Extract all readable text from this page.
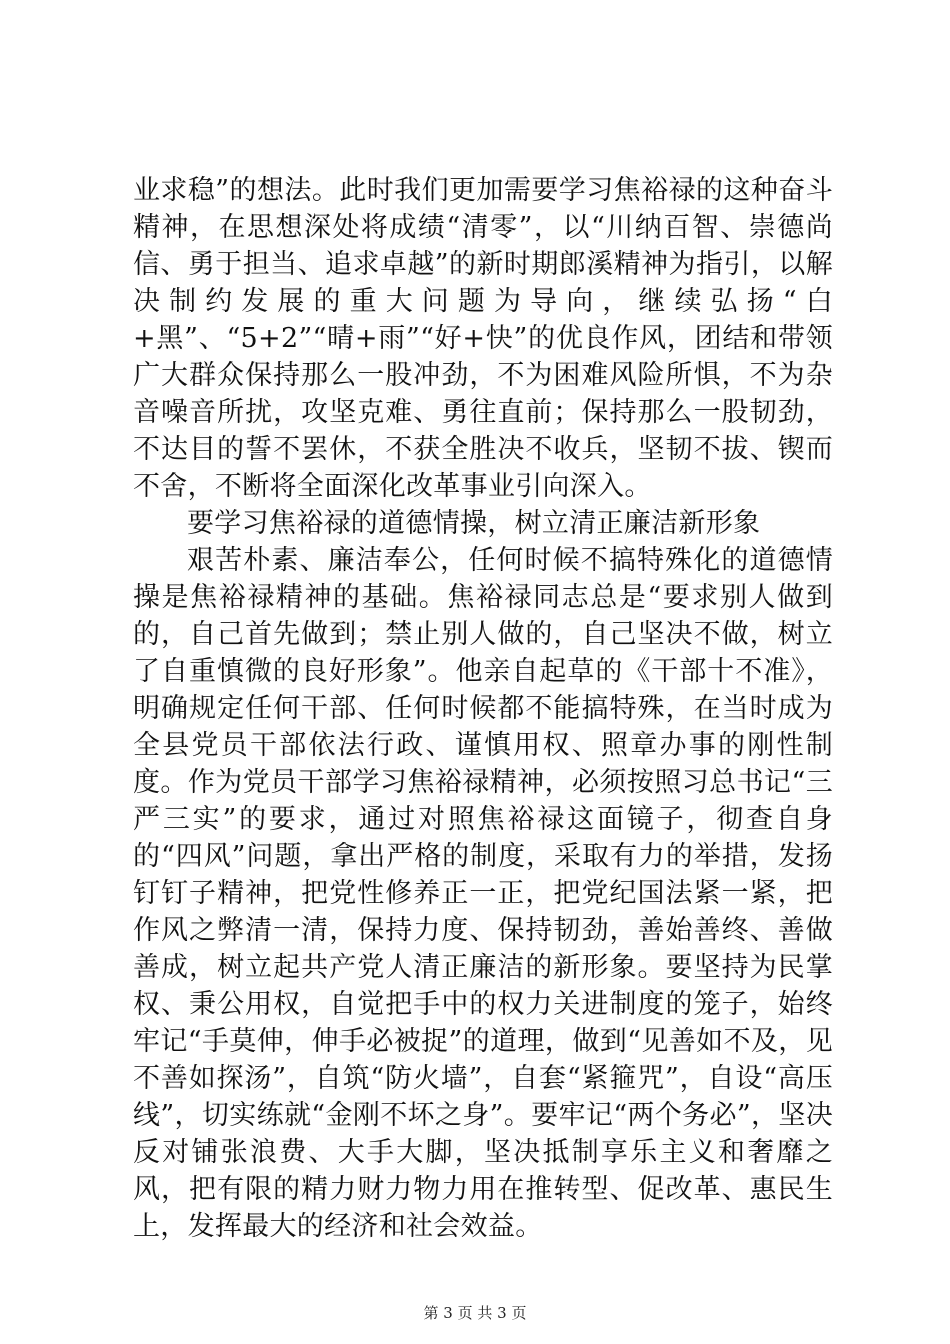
业求稳”的想法。此时我们更加需要学习焦裕禄的这种奋斗精神，在思想深处将成绩“清零”，以“川纳百智、崇德尚信、勇于担当、追求卓越”的新时期郎溪精神为指引，以解决制约发展的重大问题为导向，继续弘扬“白+黑”、“5+2”“晴+雨”“好+快”的优良作风，团结和带领广大群众保持那么一股冲劲，不为困难风险所惧，不为杂音噪音所扰，攻坚克难、勇往直前；保持那么一股韧劲，不达目的誓不罢休，不获全胜决不收兵，坚韧不拔、锲而不舍，不断将全面深化改革事业引向深入。

要学习焦裕禄的道德情操，树立清正廉洁新形象

艰苦朴素、廉洁奉公，任何时候不搞特殊化的道德情操是焦裕禄精神的基础。焦裕禄同志总是“要求别人做到的，自己首先做到；禁止别人做的，自己坚决不做，树立了自重慎微的良好形象”。他亲自起草的《干部十不准》，明确规定任何干部、任何时候都不能搞特殊，在当时成为全县党员干部依法行政、谨慎用权、照章办事的刚性制度。作为党员干部学习焦裕禄精神，必须按照习总书记“三严三实”的要求，通过对照焦裕禄这面镜子，彻查自身的“四风”问题，拿出严格的制度，采取有力的举措，发扬钉钉子精神，把党性修养正一正，把党纪国法紧一紧，把作风之弊清一清，保持力度、保持韧劲，善始善终、善做善成，树立起共产党人清正廉洁的新形象。要坚持为民掌权、秉公用权，自觉把手中的权力关进制度的笼子，始终牢记“手莫伸，伸手必被捉”的道理，做到“见善如不及，见不善如探汤”，自筑“防火墙”，自套“紧箍咒”，自设“高压线”，切实练就“金刚不坏之身”。要牢记“两个务必”，坚决反对铺张浪费、大手大脚，坚决抵制享乐主义和奢靡之风，把有限的精力财力物力用在推转型、促改革、惠民生上，发挥最大的经济和社会效益。

第 3 页 共 3 页
